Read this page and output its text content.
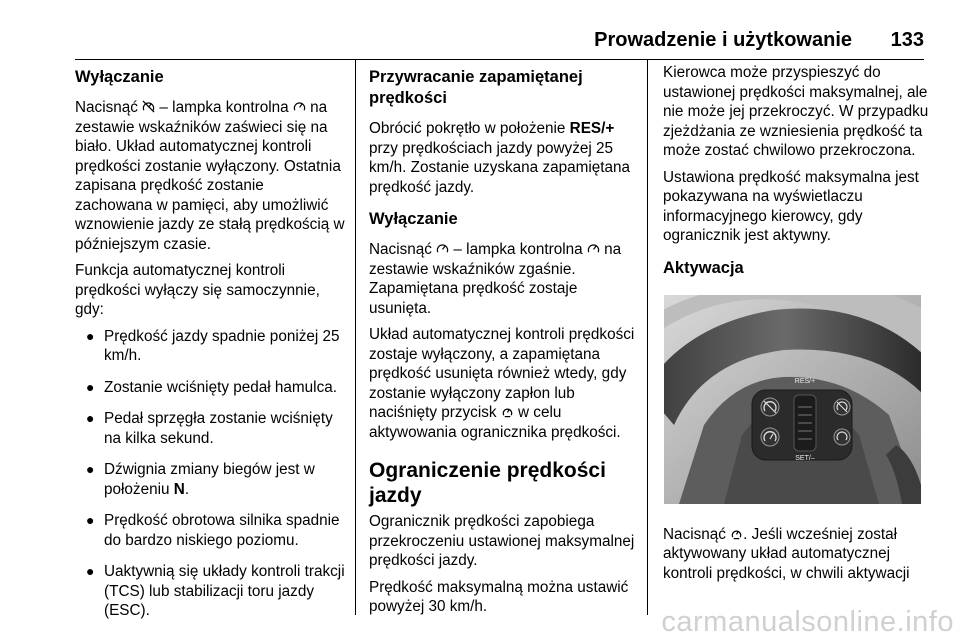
Prowadzenie i użytkowanie 133
Wyłączanie

Nacisnąć  – lampka kontrolna  na zestawie wskaźników zaświeci się na biało. Układ automatycznej kontroli prędkości zostanie wyłączony. Ostatnia zapisana prędkość zostanie zachowana w pamięci, aby umożliwić wznowienie jazdy ze stałą prędkością w późniejszym czasie.

Funkcja automatycznej kontroli prędkości wyłączy się samoczynnie, gdy:

● Prędkość jazdy spadnie poniżej 25 km/h.
● Zostanie wciśnięty pedał hamulca.
● Pedał sprzęgła zostanie wciśnięty na kilka sekund.
● Dźwignia zmiany biegów jest w położeniu N.
● Prędkość obrotowa silnika spadnie do bardzo niskiego poziomu.
● Uaktywnią się układy kontroli trakcji (TCS) lub stabilizacji toru jazdy (ESC).
Przywracanie zapamiętanej prędkości

Obrócić pokrętło w położenie RES/+ przy prędkościach jazdy powyżej 25 km/h. Zostanie uzyskana zapamiętana prędkość jazdy.

Wyłączanie

Nacisnąć  – lampka kontrolna  na zestawie wskaźników zgaśnie. Zapamiętana prędkość zostaje usunięta.

Układ automatycznej kontroli prędkości zostaje wyłączony, a zapamiętana prędkość usunięta również wtedy, gdy zostanie wyłączony zapłon lub naciśnięty przycisk  w celu aktywowania ogranicznika prędkości.

Ograniczenie prędkości jazdy

Ogranicznik prędkości zapobiega przekroczeniu ustawionej maksymalnej prędkości jazdy.

Prędkość maksymalną można ustawić powyżej 30 km/h.

Kierowca może przyspieszyć do ustawionej prędkości maksymalnej, ale nie może jej przekroczyć. W przypadku zjeżdżania ze wzniesienia prędkość ta może zostać chwilowo przekroczona.

Ustawiona prędkość maksymalna jest pokazywana na wyświetlaczu informacyjnego kierowcy, gdy ogranicznik jest aktywny.

Aktywacja
RES/+
SET/–

Nacisnąć . Jeśli wcześniej został aktywowany układ automatycznej kontroli prędkości, w chwili aktywacji

carmanualsonline.info
